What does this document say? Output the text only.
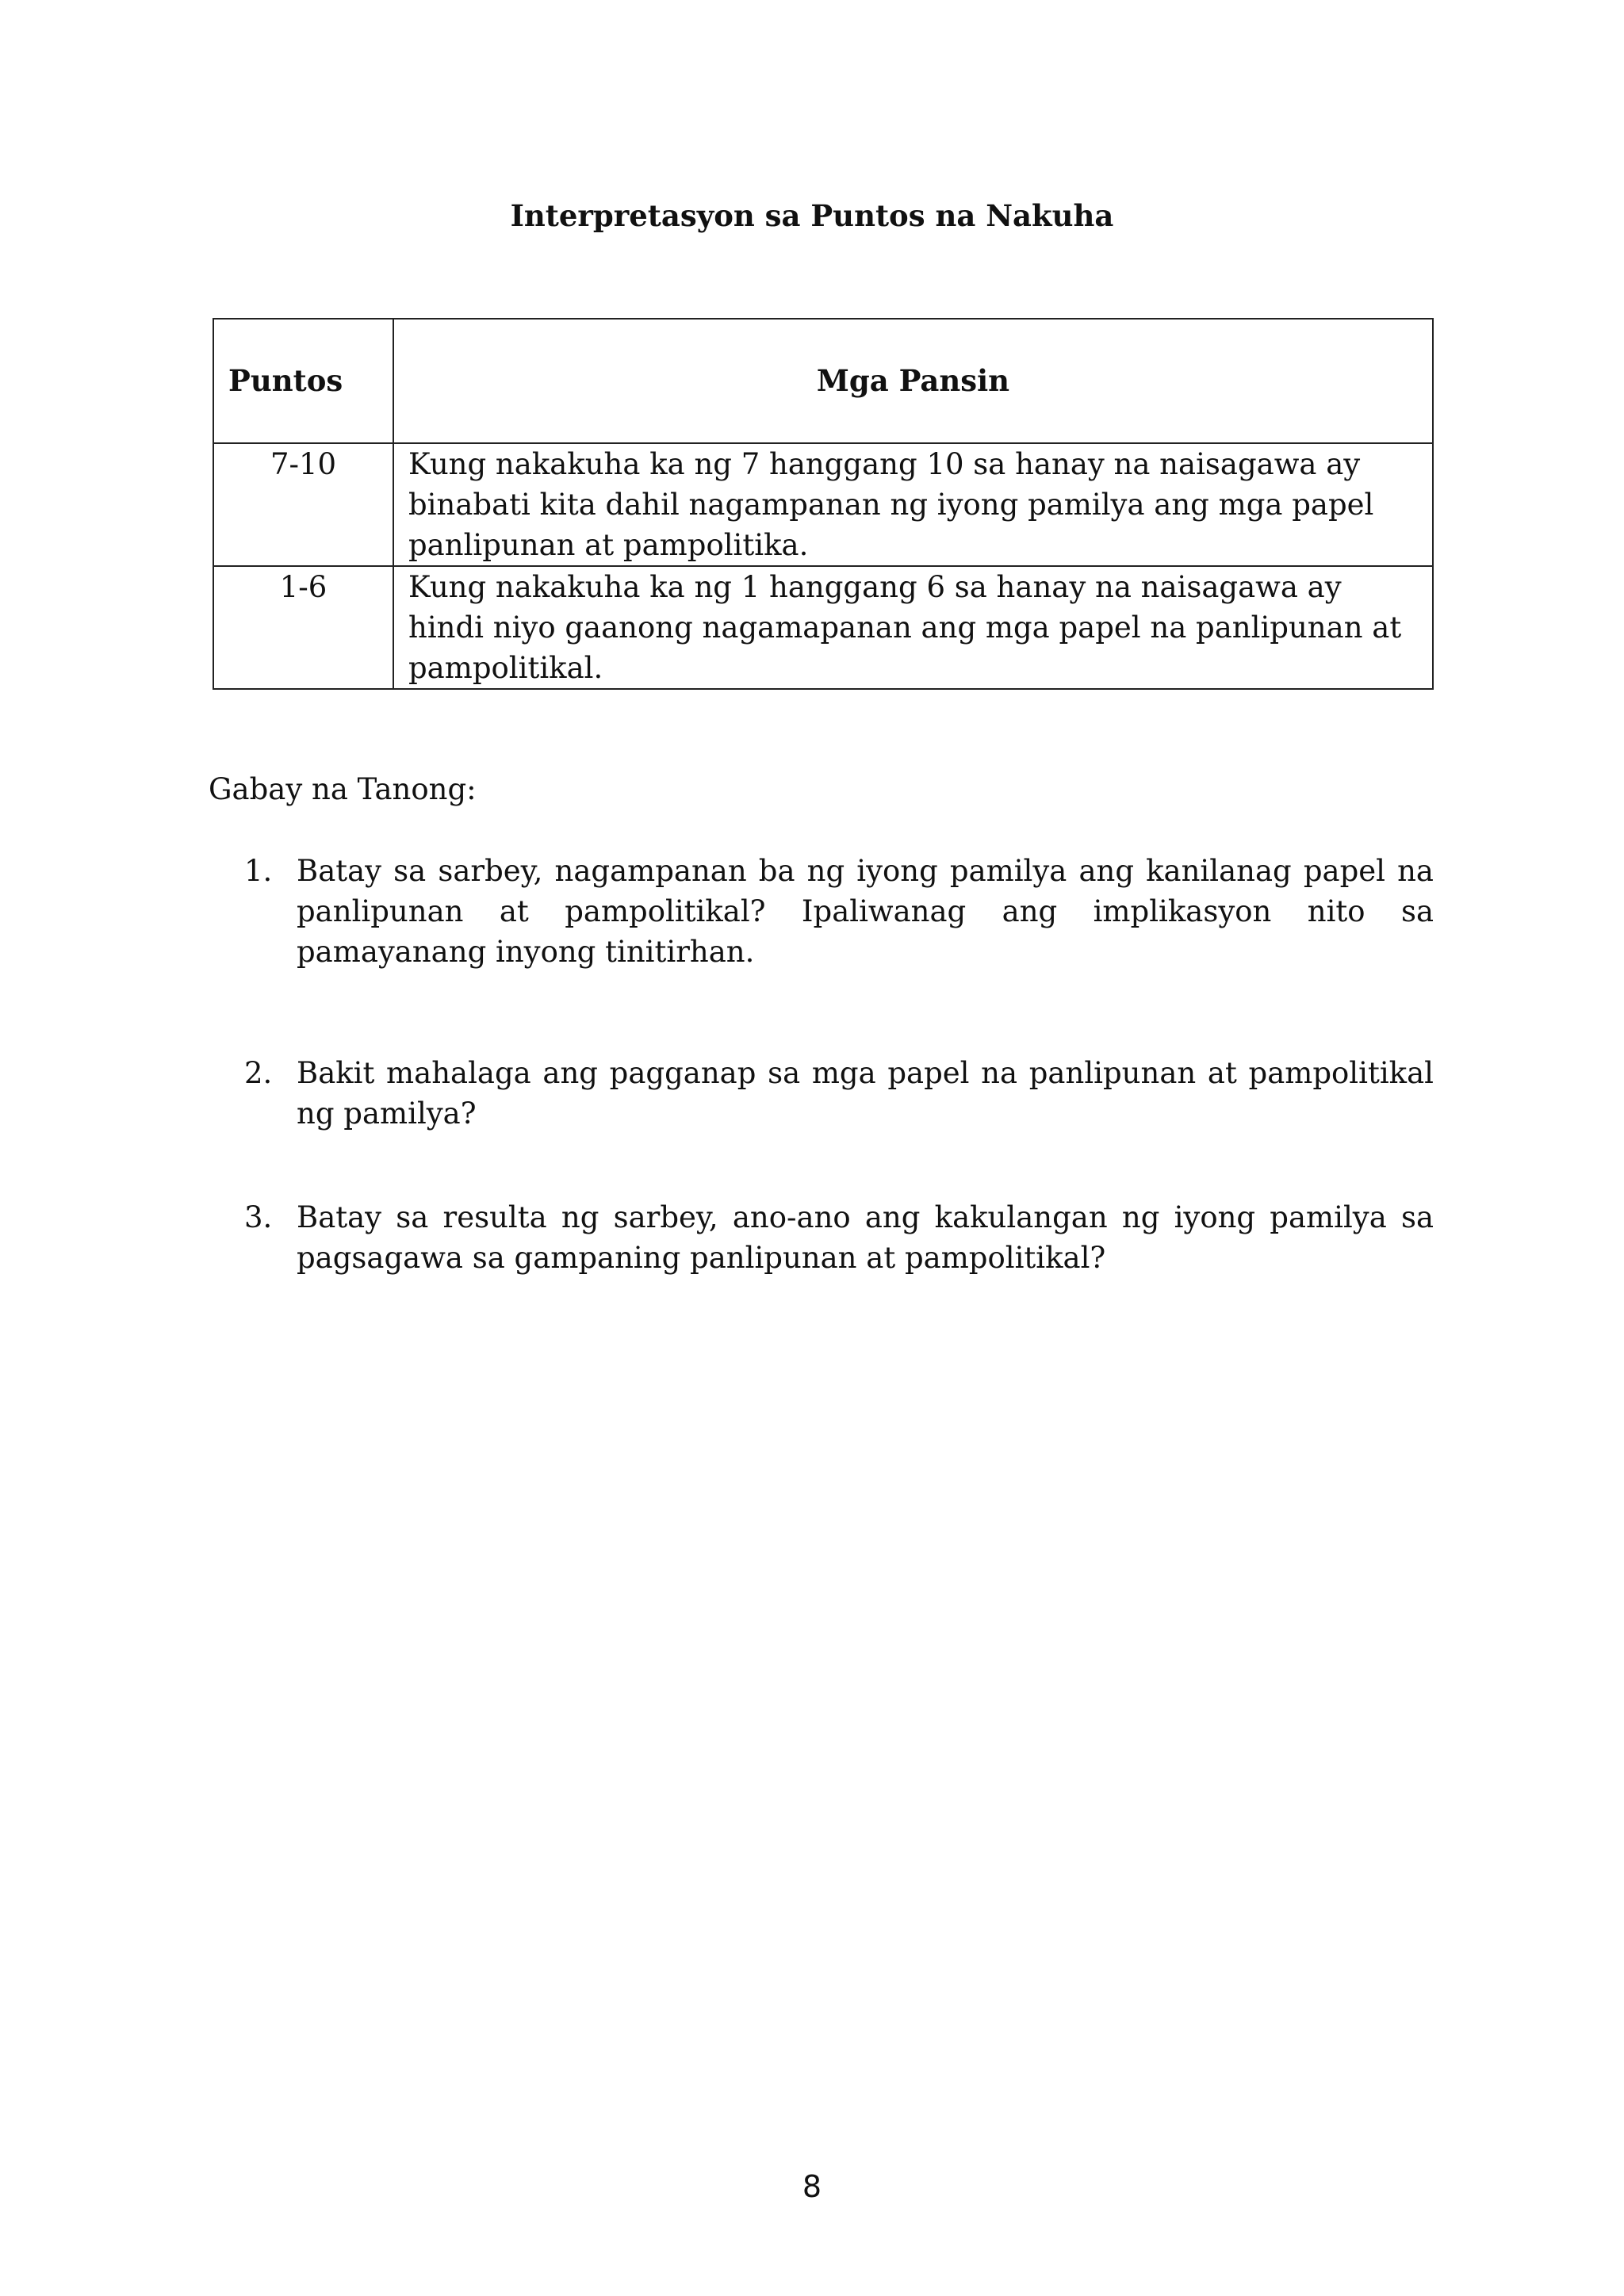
Interpretasyon sa Puntos na Nakuha
Puntos	Mga Pansin
7-10	Kung nakakuha ka ng 7 hanggang 10 sa hanay na naisagawa ay binabati kita dahil nagampanan ng iyong pamilya ang mga papel panlipunan at pampolitika.
1-6	Kung nakakuha ka ng 1 hanggang 6 sa hanay na naisagawa ay hindi niyo gaanong nagamapanan ang mga papel na panlipunan at pampolitikal.

Gabay na Tanong:

1. Batay sa sarbey, nagampanan ba ng iyong pamilya ang kanilanag papel na panlipunan at pampolitikal? Ipaliwanag ang implikasyon nito sa pamayanang inyong tinitirhan.
2. Bakit mahalaga ang pagganap sa mga papel na panlipunan at pampolitikal ng pamilya?
3. Batay sa resulta ng sarbey, ano-ano ang kakulangan ng iyong pamilya sa pagsagawa sa gampaning panlipunan at pampolitikal?

8
